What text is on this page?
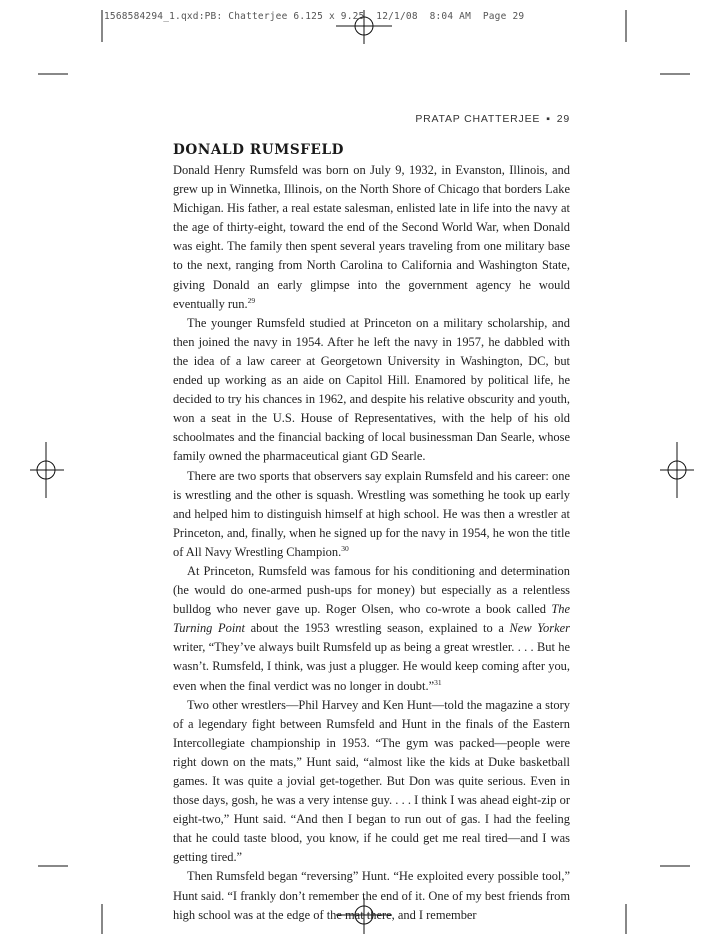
1568584294_1.qxd:PB: Chatterjee 6.125 x 9.25  12/1/08  8:04 AM  Page 29
PRATAP CHATTERJEE ▪ 29
DONALD RUMSFELD

Donald Henry Rumsfeld was born on July 9, 1932, in Evanston, Illinois, and grew up in Winnetka, Illinois, on the North Shore of Chicago that borders Lake Michigan. His father, a real estate salesman, enlisted late in life into the navy at the age of thirty-eight, toward the end of the Second World War, when Donald was eight. The family then spent several years traveling from one military base to the next, ranging from North Carolina to California and Washington State, giving Donald an early glimpse into the government agency he would eventually run.$^{29}$

The younger Rumsfeld studied at Princeton on a military scholarship, and then joined the navy in 1954. After he left the navy in 1957, he dabbled with the idea of a law career at Georgetown University in Washington, DC, but ended up working as an aide on Capitol Hill. Enamored by political life, he decided to try his chances in 1962, and despite his relative obscurity and youth, won a seat in the U.S. House of Representatives, with the help of his old schoolmates and the financial backing of local businessman Dan Searle, whose family owned the pharmaceutical giant GD Searle.

There are two sports that observers say explain Rumsfeld and his career: one is wrestling and the other is squash. Wrestling was something he took up early and helped him to distinguish himself at high school. He was then a wrestler at Princeton, and, finally, when he signed up for the navy in 1954, he won the title of All Navy Wrestling Champion.$^{30}$

At Princeton, Rumsfeld was famous for his conditioning and determination (he would do one-armed push-ups for money) but especially as a relentless bulldog who never gave up. Roger Olsen, who co-wrote a book called The Turning Point about the 1953 wrestling season, explained to a New Yorker writer, “They’ve always built Rumsfeld up as being a great wrestler. . . . But he wasn’t. Rumsfeld, I think, was just a plugger. He would keep coming after you, even when the final verdict was no longer in doubt.”$^{31}$

Two other wrestlers—Phil Harvey and Ken Hunt—told the magazine a story of a legendary fight between Rumsfeld and Hunt in the finals of the Eastern Intercollegiate championship in 1953. “The gym was packed—people were right down on the mats,” Hunt said, “almost like the kids at Duke basketball games. It was quite a jovial get-together. But Don was quite serious. Even in those days, gosh, he was a very intense guy. . . . I think I was ahead eight-zip or eight-two,” Hunt said. “And then I began to run out of gas. I had the feeling that he could taste blood, you know, if he could get me real tired—and I was getting tired.”

Then Rumsfeld began “reversing” Hunt. “He exploited every possible tool,” Hunt said. “I frankly don’t remember the end of it. One of my best friends from high school was at the edge of the mat there, and I remember
